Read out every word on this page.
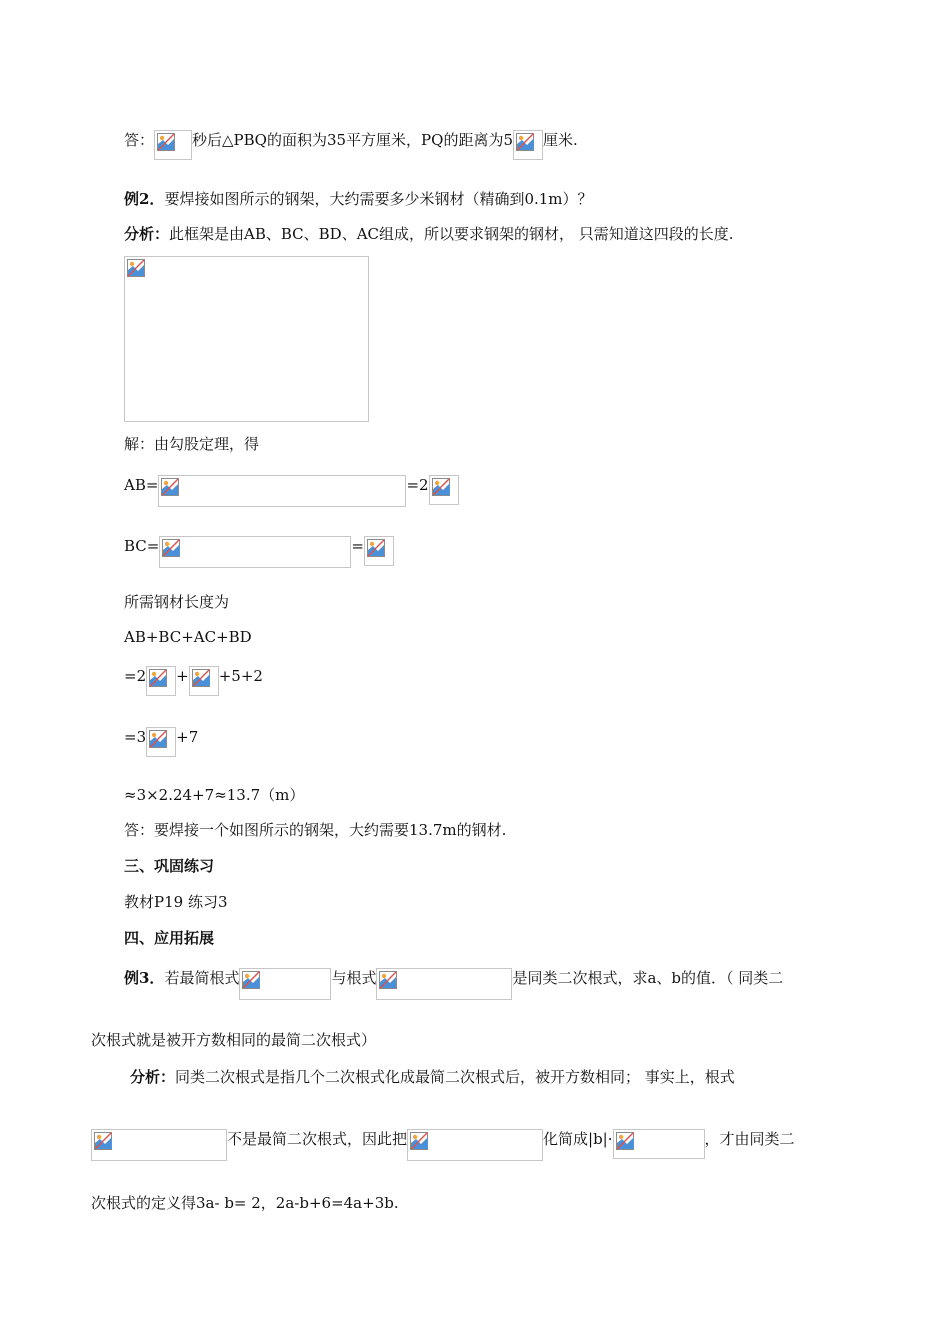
答：	秒后△PBQ的面积为35平方厘米，PQ的距离为5 厘米.
例2． 要焊接如图所示的钢架，大约需要多少米钢材（精确到0.1m）？
分析： 此框架是由AB、BC、BD、AC组成，所以要求钢架的钢材， 只需知道这四段的长度.
解：由勾股定理，得
AB=	=2
BC=	=
所需钢材长度为
AB+BC+AC+BD
=2 + +5+2
=3 +7
≈3×2.24+7≈13.7（m）
答：要焊接一个如图所示的钢架，大约需要13.7m的钢材.
三、巩固练习
教材P19 练习3
四、应用拓展
例3． 若最简根式	与根式	是同类二次根式，求a、b的值．（ 同类二
次根式就是被开方数相同的最简二次根式）
分析： 同类二次根式是指几个二次根式化成最简二次根式后，被开方数相同； 事实上，根式
不是最简二次根式，因此把	化简成|b|·	，才由同类二
次根式的定义得3a- b= 2，2a-b+6=4a+3b.
